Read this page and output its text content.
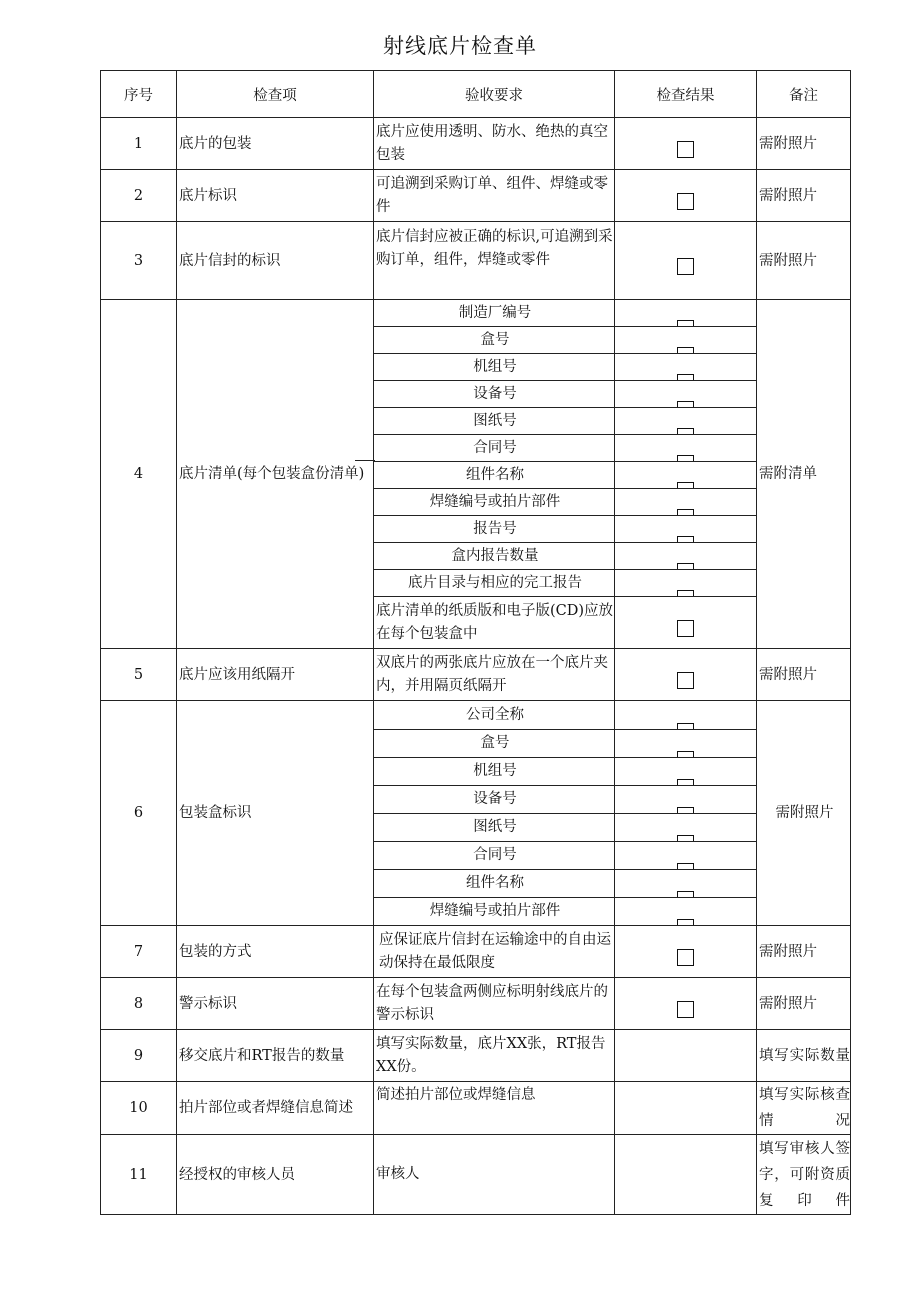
射线底片检查单
序号	检查项	验收要求	检查结果	备注
1	底片的包装	底片应使用透明、防水、绝热的真空包装		需附照片
2	底片标识	可追溯到采购订单、组件、焊缝或零件		需附照片
3	底片信封的标识	底片信封应被正确的标识,可追溯到采购订单，组件，焊缝或零件		需附照片
4	底片清单(每个包装盒份清单)	制造厂编号		需附清单
		盒号		

		机组号		

		设备号		

		图纸号		

		合同号		

		组件名称		

		焊缝编号或拍片部件		

		报告号		

		盒内报告数量		

		底片目录与相应的完工报告		

		底片清单的纸质版和电子版(CD)应放在每个包装盒中		
5	底片应该用纸隔开	双底片的两张底片应放在一个底片夹内，并用隔页纸隔开		需附照片
6	包装盒标识	公司全称		需附照片
		盒号		

		机组号		

		设备号		

		图纸号		

		合同号		

		组件名称		

		焊缝编号或拍片部件		

7	包装的方式	应保证底片信封在运输途中的自由运动保持在最低限度		需附照片
8	警示标识	在每个包装盒两侧应标明射线底片的警示标识		需附照片
9	移交底片和RT报告的数量	填写实际数量，底片XX张，RT报告XX份。		填写实际数量
10	拍片部位或者焊缝信息简述	简述拍片部位或焊缝信息		填写实际核查情况
11	经授权的审核人员	审核人		填写审核人签字，可附资质复印件
